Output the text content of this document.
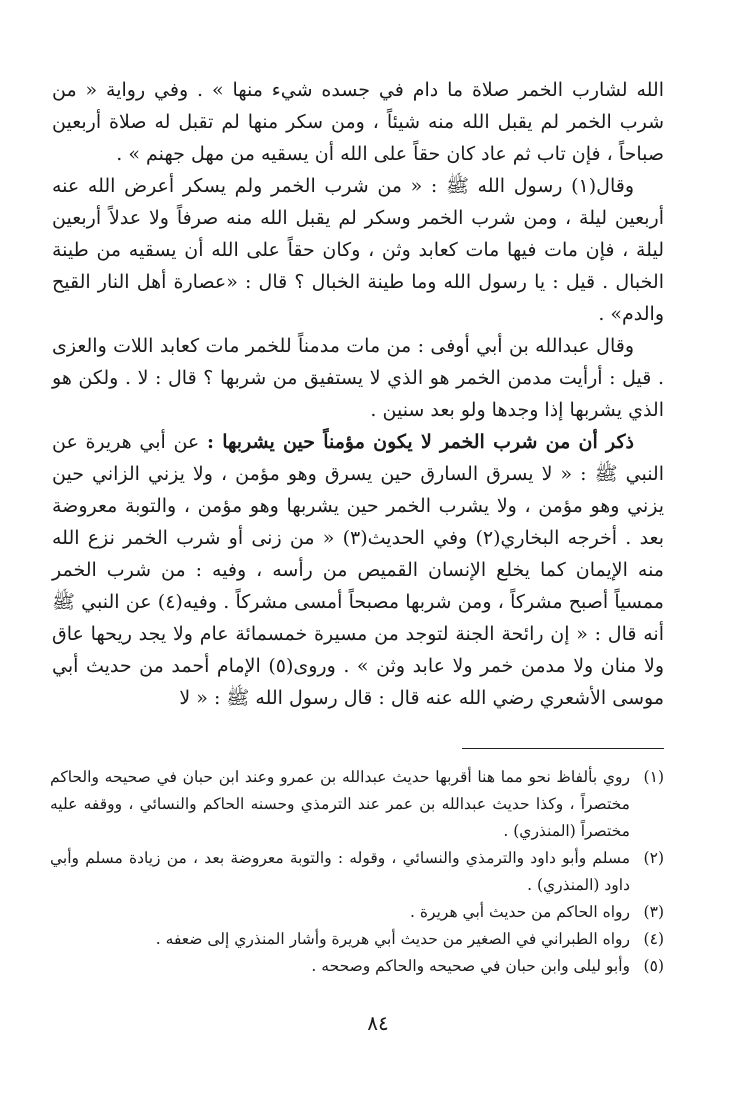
الله لشارب الخمر صلاة ما دام في جسده شيء منها » . وفي رواية « من شرب الخمر لم يقبل الله منه شيئاً ، ومن سكر منها لم تقبل له صلاة أربعين صباحاً ، فإن تاب ثم عاد كان حقاً على الله أن يسقيه من مهل جهنم » .

وقال(١) رسول الله ﷺ : « من شرب الخمر ولم يسكر أعرض الله عنه أربعين ليلة ، ومن شرب الخمر وسكر لم يقبل الله منه صرفاً ولا عدلاً أربعين ليلة ، فإن مات فيها مات كعابد وثن ، وكان حقاً على الله أن يسقيه من طينة الخبال . قيل : يا رسول الله وما طينة الخبال ؟ قال : «عصارة أهل النار القيح والدم» .

وقال عبدالله بن أبي أوفى : من مات مدمناً للخمر مات كعابد اللات والعزى . قيل : أرأيت مدمن الخمر هو الذي لا يستفيق من شربها ؟ قال : لا . ولكن هو الذي يشربها إذا وجدها ولو بعد سنين .

ذكر أن من شرب الخمر لا يكون مؤمناً حين يشربها : عن أبي هريرة عن النبي ﷺ : « لا يسرق السارق حين يسرق وهو مؤمن ، ولا يزني الزاني حين يزني وهو مؤمن ، ولا يشرب الخمر حين يشربها وهو مؤمن ، والتوبة معروضة بعد . أخرجه البخاري(٢) وفي الحديث(٣) « من زنى أو شرب الخمر نزع الله منه الإيمان كما يخلع الإنسان القميص من رأسه ، وفيه : من شرب الخمر ممسياً أصبح مشركاً ، ومن شربها مصبحاً أمسى مشركاً . وفيه(٤) عن النبي ﷺ أنه قال : « إن رائحة الجنة لتوجد من مسيرة خمسمائة عام ولا يجد ريحها عاق ولا منان ولا مدمن خمر ولا عابد وثن » . وروى(٥) الإمام أحمد من حديث أبي موسى الأشعري رضي الله عنه قال : قال رسول الله ﷺ : « لا

(١)
روي بألفاظ نحو مما هنا أقربها حديث عبدالله بن عمرو وعند ابن حبان في صحيحه والحاكم مختصراً ، وكذا حديث عبدالله بن عمر عند الترمذي وحسنه الحاكم والنسائي ، ووقفه عليه مختصراً (المنذري) .
(٢)
مسلم وأبو داود والترمذي والنسائي ، وقوله : والتوبة معروضة بعد ، من زيادة مسلم وأبي داود (المنذري) .
(٣)
رواه الحاكم من حديث أبي هريرة .
(٤)
رواه الطبراني في الصغير من حديث أبي هريرة وأشار المنذري إلى ضعفه .
(٥)
وأبو ليلى وابن حبان في صحيحه والحاكم وصححه .
٨٤
